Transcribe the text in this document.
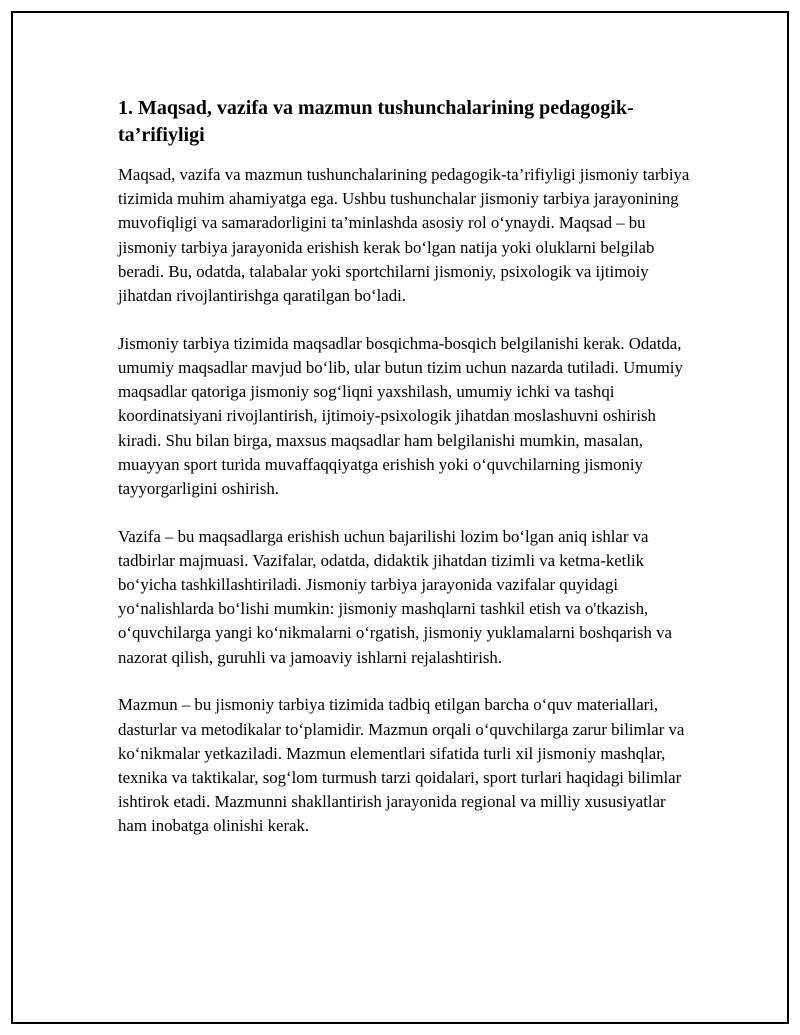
1. Maqsad, vazifa va mazmun tushunchalarining pedagogik-ta’rifiyligi

Maqsad, vazifa va mazmun tushunchalarining pedagogik-ta’rifiyligi jismoniy tarbiya tizimida muhim ahamiyatga ega. Ushbu tushunchalar jismoniy tarbiya jarayonining muvofiqligi va samaradorligini ta’minlashda asosiy rol o‘ynaydi. Maqsad – bu jismoniy tarbiya jarayonida erishish kerak bo‘lgan natija yoki oluklarni belgilab beradi. Bu, odatda, talabalar yoki sportchilarni jismoniy, psixologik va ijtimoiy jihatdan rivojlantirishga qaratilgan bo‘ladi.

Jismoniy tarbiya tizimida maqsadlar bosqichma-bosqich belgilanishi kerak. Odatda, umumiy maqsadlar mavjud bo‘lib, ular butun tizim uchun nazarda tutiladi. Umumiy maqsadlar qatoriga jismoniy sog‘liqni yaxshilash, umumiy ichki va tashqi koordinatsiyani rivojlantirish, ijtimoiy-psixologik jihatdan moslashuvni oshirish kiradi. Shu bilan birga, maxsus maqsadlar ham belgilanishi mumkin, masalan, muayyan sport turida muvaffaqqiyatga erishish yoki o‘quvchilarning jismoniy tayyorgarligini oshirish.

Vazifa – bu maqsadlarga erishish uchun bajarilishi lozim bo‘lgan aniq ishlar va tadbirlar majmuasi. Vazifalar, odatda, didaktik jihatdan tizimli va ketma-ketlik bo‘yicha tashkillashtiriladi. Jismoniy tarbiya jarayonida vazifalar quyidagi yo‘nalishlarda bo‘lishi mumkin: jismoniy mashqlarni tashkil etish va o'tkazish, o‘quvchilarga yangi ko‘nikmalarni o‘rgatish, jismoniy yuklamalarni boshqarish va nazorat qilish, guruhli va jamoaviy ishlarni rejalashtirish.

Mazmun – bu jismoniy tarbiya tizimida tadbiq etilgan barcha o‘quv materiallari, dasturlar va metodikalar to‘plamidir. Mazmun orqali o‘quvchilarga zarur bilimlar va ko‘nikmalar yetkaziladi. Mazmun elementlari sifatida turli xil jismoniy mashqlar, texnika va taktikalar, sog‘lom turmush tarzi qoidalari, sport turlari haqidagi bilimlar ishtirok etadi. Mazmunni shakllantirish jarayonida regional va milliy xususiyatlar ham inobatga olinishi kerak.
